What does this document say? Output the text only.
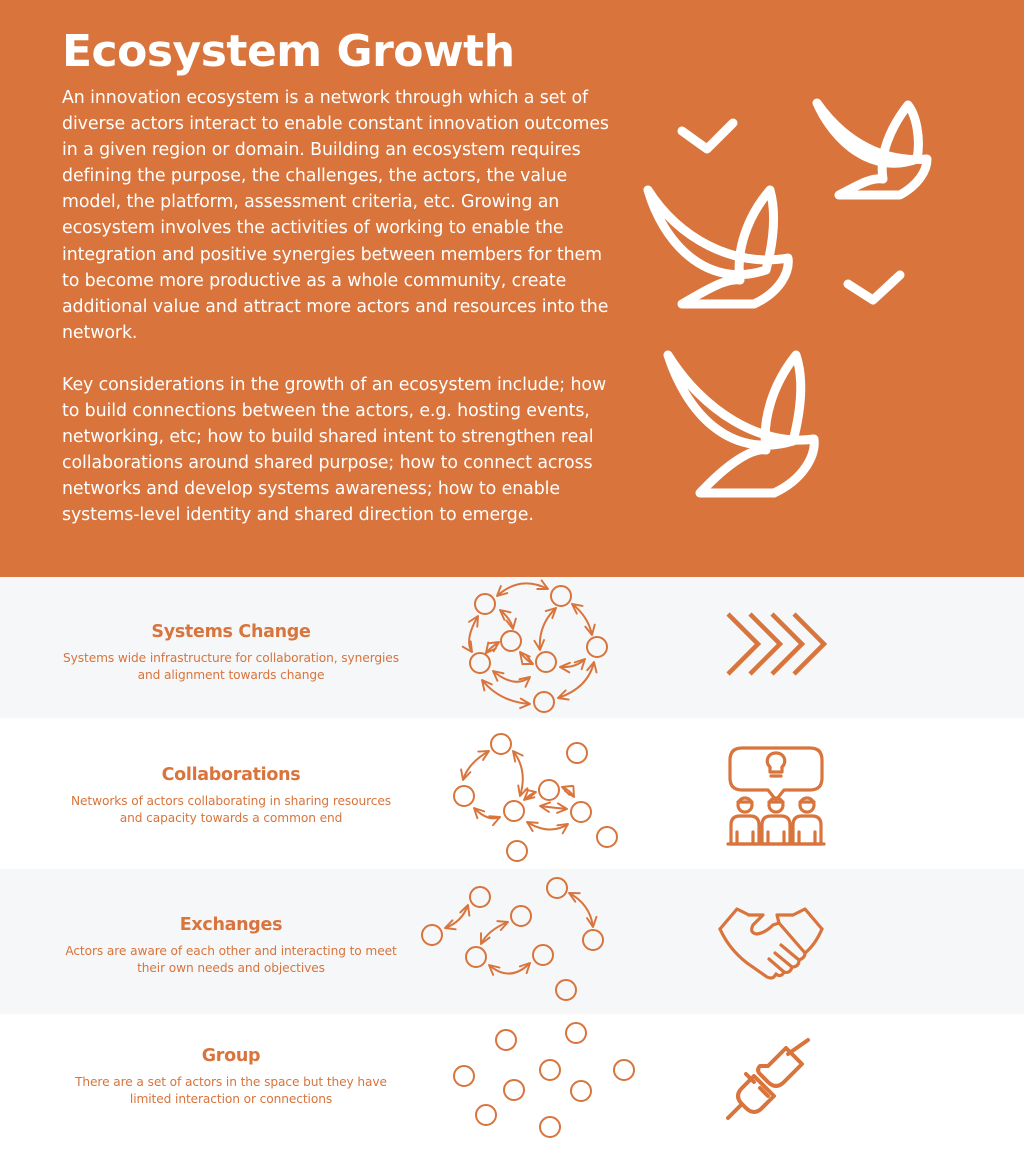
Ecosystem Growth

An innovation ecosystem is a network through which a set of diverse actors interact to enable constant innovation outcomes in a given region or domain. Building an ecosystem requires defining the purpose, the challenges, the actors, the value model, the platform, assessment criteria, etc. Growing an ecosystem involves the activities of working to enable the integration and positive synergies between members for them to become more productive as a whole community, create additional value and attract more actors and resources into the network.

Key considerations in the growth of an ecosystem include; how to build connections between the actors, e.g. hosting events, networking, etc; how to build shared intent to strengthen real collaborations around shared purpose; how to connect across networks and develop systems awareness; how to enable systems-level identity and shared direction to emerge.

Systems Change

Systems wide infrastructure for collaboration, synergies and alignment towards change

Collaborations

Networks of actors collaborating in sharing resources and capacity towards a common end

Exchanges

Actors are aware of each other and interacting to meet their own needs and objectives

Group

There are a set of actors in the space but they have limited interaction or connections
